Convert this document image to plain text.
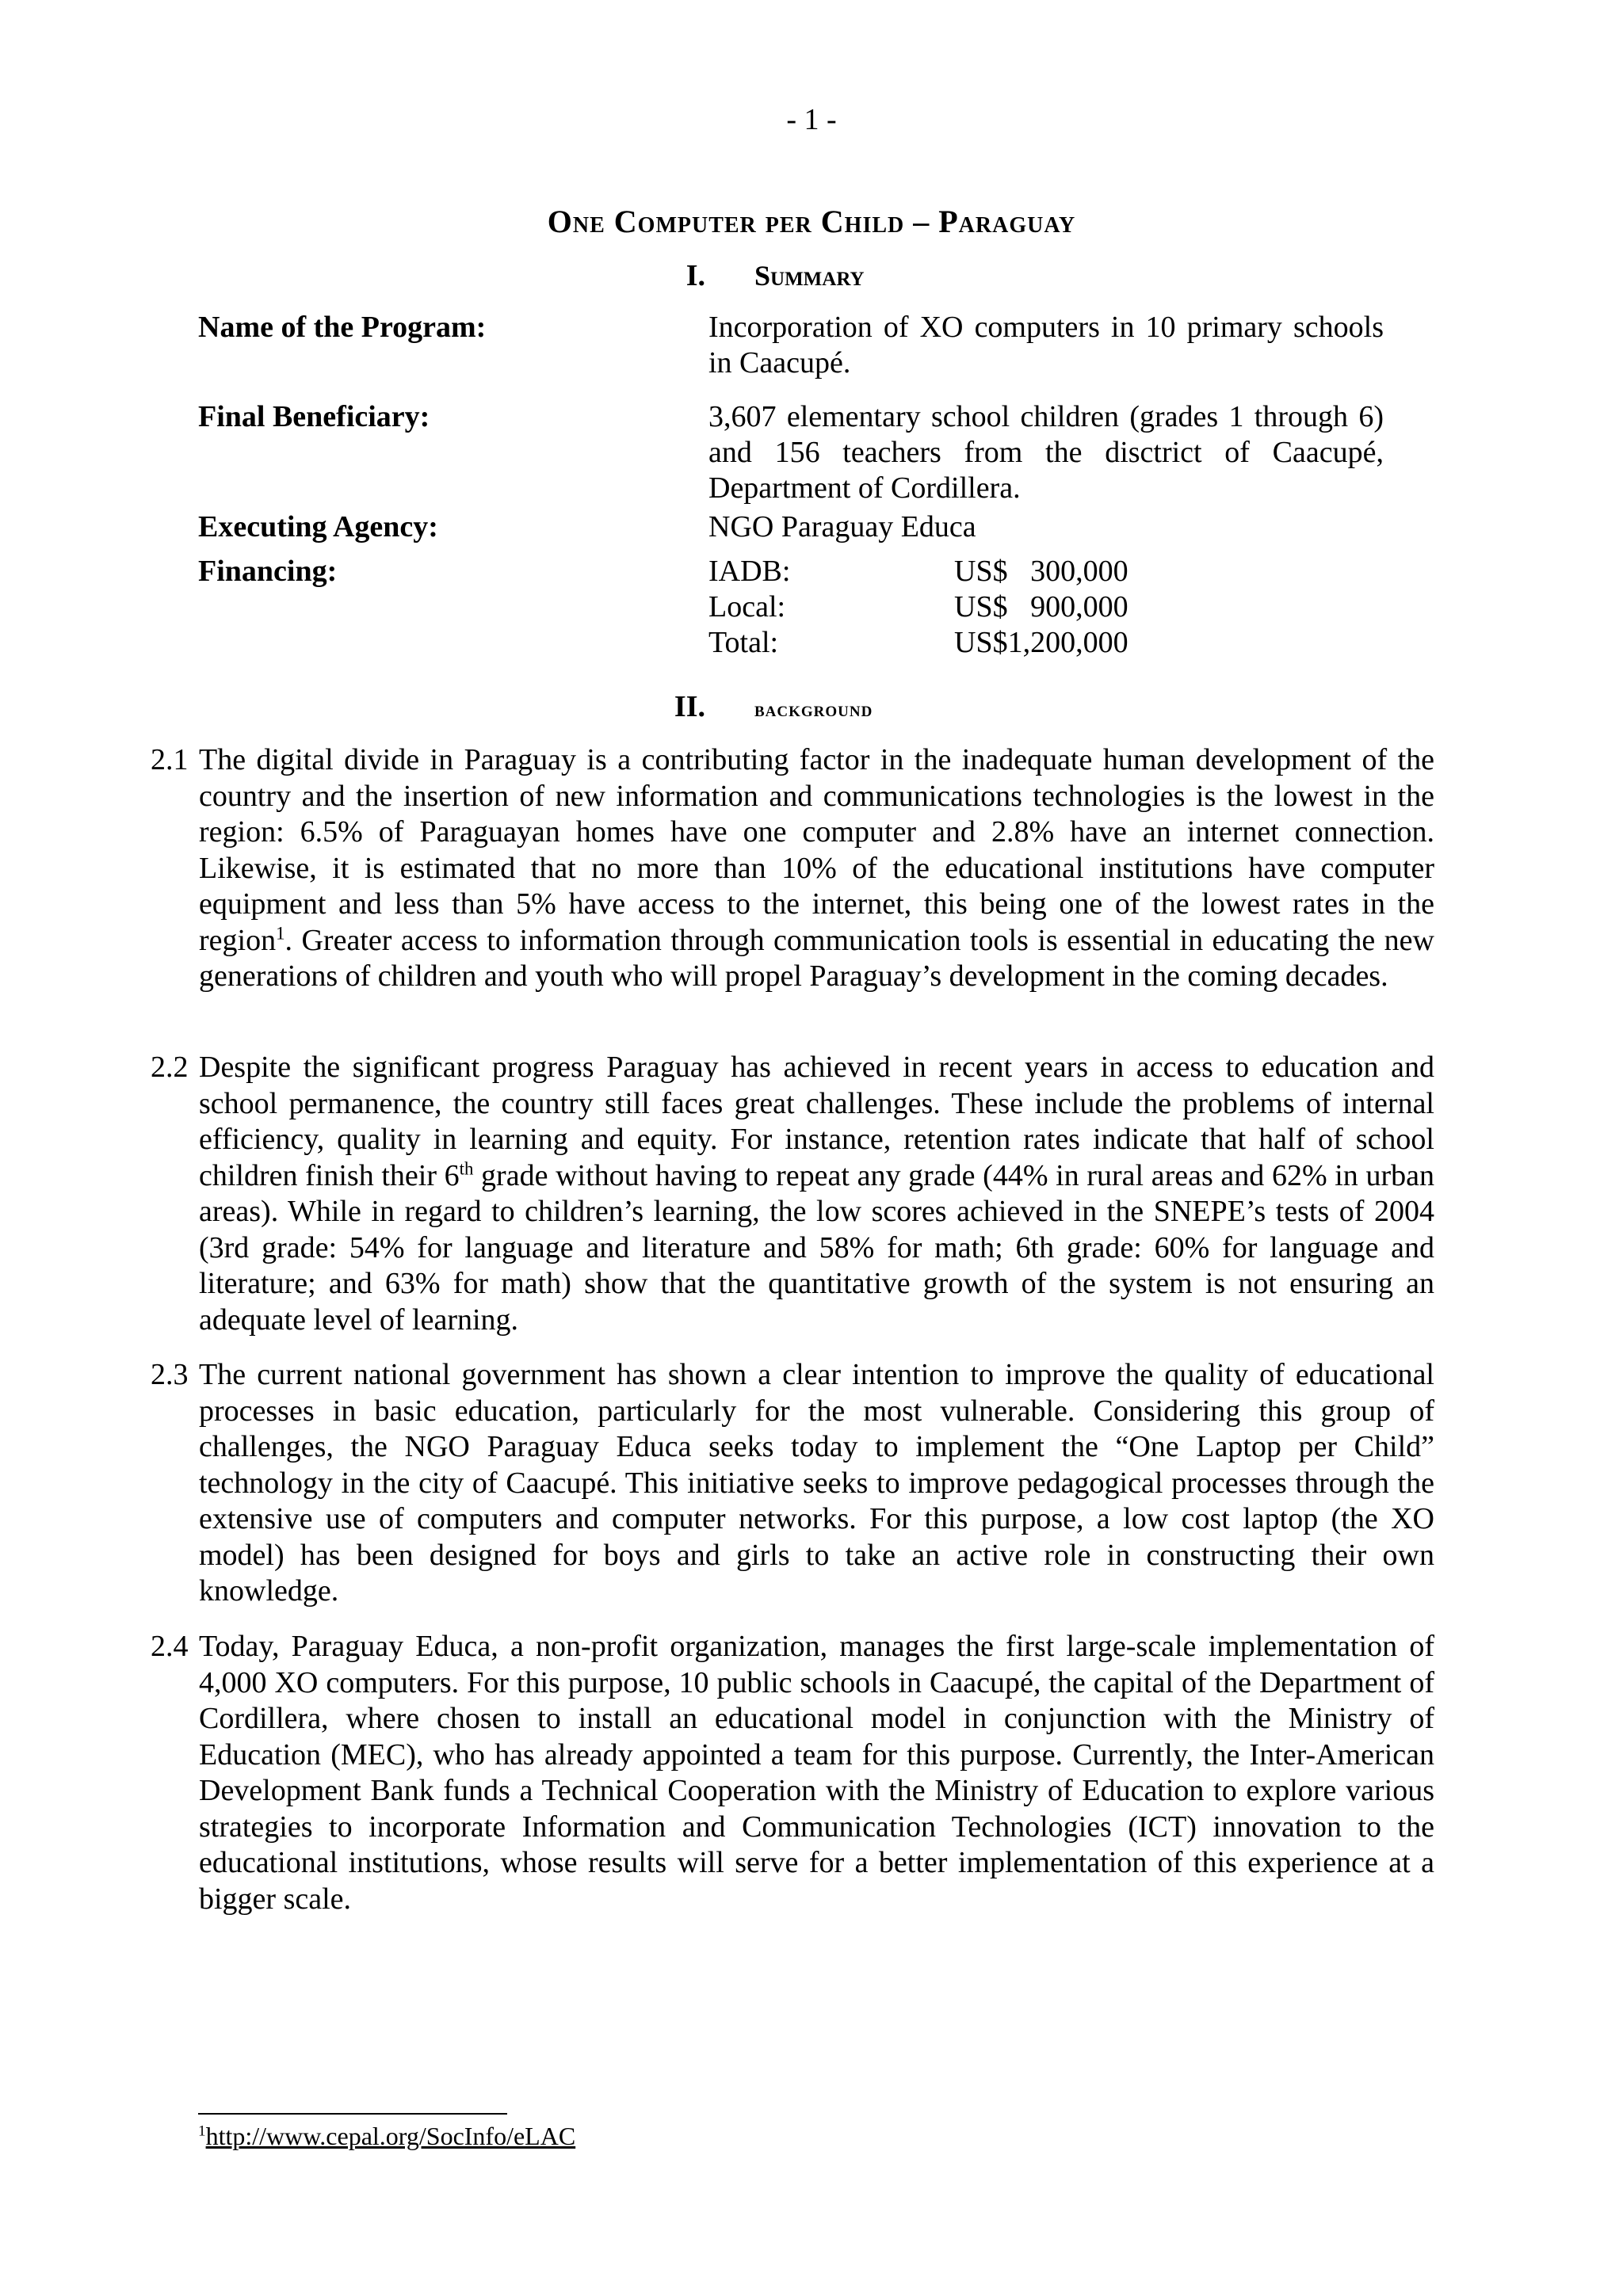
- 1 -
One Computer per Child – Paraguay
I. Summary
Name of the Program:	Incorporation of XO computers in 10 primary schools in Caacupé.
Final Beneficiary:	3,607 elementary school children (grades 1 through 6) and 156 teachers from the disctrict of Caacupé, Department of Cordillera.
Executing Agency:	NGO Paraguay Educa
Financing:	IADB:	US$   300,000
Local:	US$   900,000
Total:	US$1,200,000
II. background
2.1 The digital divide in Paraguay is a contributing factor in the inadequate human development of the country and the insertion of new information and communications technologies is the lowest in the region: 6.5% of Paraguayan homes have one computer and 2.8% have an internet connection. Likewise, it is estimated that no more than 10% of the educational institutions have computer equipment and less than 5% have access to the internet, this being one of the lowest rates in the region$^1$. Greater access to information through communication tools is essential in educating the new generations of children and youth who will propel Paraguay’s development in the coming decades.
2.2 Despite the significant progress Paraguay has achieved in recent years in access to education and school permanence, the country still faces great challenges. These include the problems of internal efficiency, quality in learning and equity. For instance, retention rates indicate that half of school children finish their 6th grade without having to repeat any grade (44% in rural areas and 62% in urban areas). While in regard to children’s learning, the low scores achieved in the SNEPE’s tests of 2004 (3rd grade: 54% for language and literature and 58% for math; 6th grade: 60% for language and literature; and 63% for math) show that the quantitative growth of the system is not ensuring an adequate level of learning.
2.3 The current national government has shown a clear intention to improve the quality of educational processes in basic education, particularly for the most vulnerable. Considering this group of challenges, the NGO Paraguay Educa seeks today to implement the “One Laptop per Child” technology in the city of Caacupé. This initiative seeks to improve pedagogical processes through the extensive use of computers and computer networks. For this purpose, a low cost laptop (the XO model) has been designed for boys and girls to take an active role in constructing their own knowledge.
2.4 Today, Paraguay Educa, a non-profit organization, manages the first large-scale implementation of 4,000 XO computers. For this purpose, 10 public schools in Caacupé, the capital of the Department of Cordillera, where chosen to install an educational model in conjunction with the Ministry of Education (MEC), who has already appointed a team for this purpose. Currently, the Inter-American Development Bank funds a Technical Cooperation with the Ministry of Education to explore various strategies to incorporate Information and Communication Technologies (ICT) innovation to the educational institutions, whose results will serve for a better implementation of this experience at a bigger scale.
$^1$http://www.cepal.org/SocInfo/eLAC
